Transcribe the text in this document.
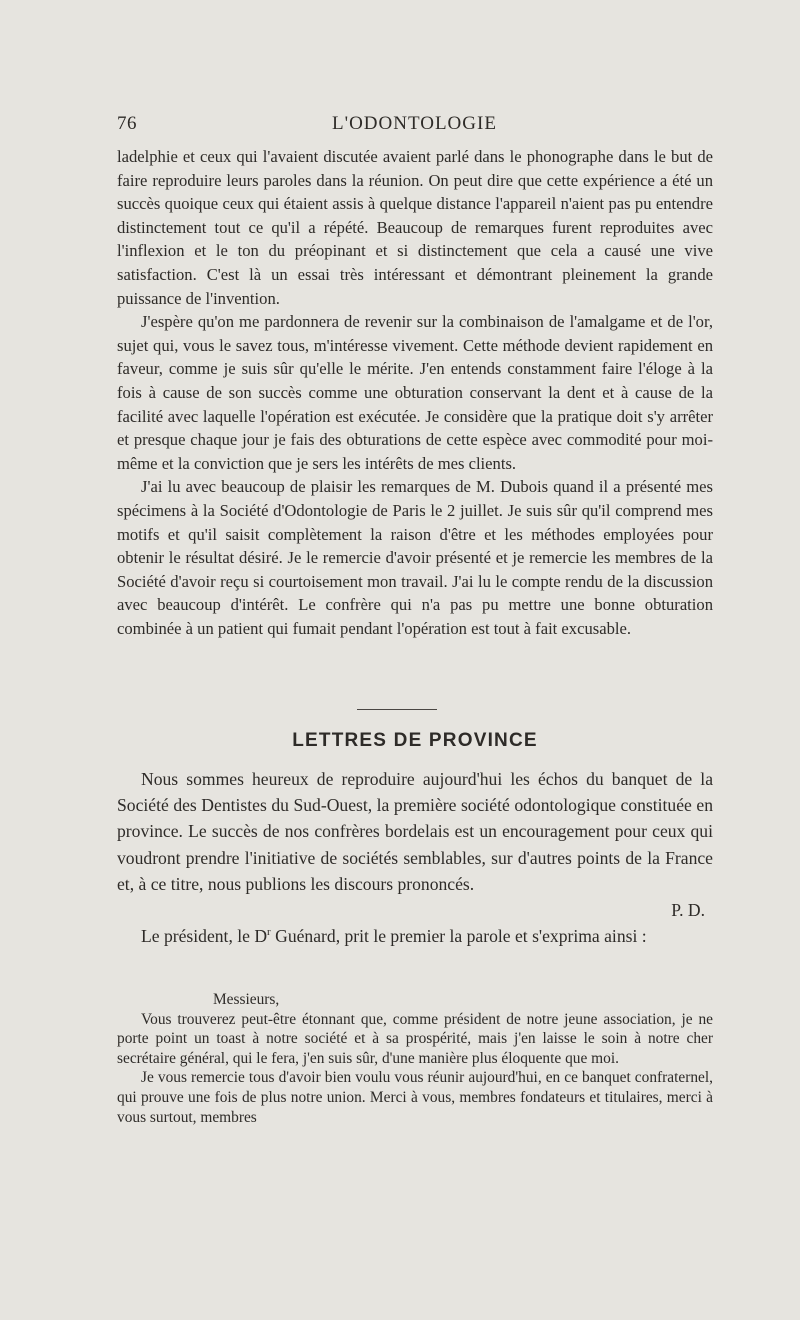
76	L'ODONTOLOGIE

ladelphie et ceux qui l'avaient discutée avaient parlé dans le phonographe dans le but de faire reproduire leurs paroles dans la réunion. On peut dire que cette expérience a été un succès quoique ceux qui étaient assis à quelque distance l'appareil n'aient pas pu entendre distinctement tout ce qu'il a répété. Beaucoup de remarques furent reproduites avec l'inflexion et le ton du préopinant et si distinctement que cela a causé une vive satisfaction. C'est là un essai très intéressant et démontrant pleinement la grande puissance de l'invention.

J'espère qu'on me pardonnera de revenir sur la combinaison de l'amalgame et de l'or, sujet qui, vous le savez tous, m'intéresse vivement. Cette méthode devient rapidement en faveur, comme je suis sûr qu'elle le mérite. J'en entends constamment faire l'éloge à la fois à cause de son succès comme une obturation conservant la dent et à cause de la facilité avec laquelle l'opération est exécutée. Je considère que la pratique doit s'y arrêter et presque chaque jour je fais des obturations de cette espèce avec commodité pour moi-même et la conviction que je sers les intérêts de mes clients.

J'ai lu avec beaucoup de plaisir les remarques de M. Dubois quand il a présenté mes spécimens à la Société d'Odontologie de Paris le 2 juillet. Je suis sûr qu'il comprend mes motifs et qu'il saisit complètement la raison d'être et les méthodes employées pour obtenir le résultat désiré. Je le remercie d'avoir présenté et je remercie les membres de la Société d'avoir reçu si courtoisement mon travail. J'ai lu le compte rendu de la discussion avec beaucoup d'intérêt. Le confrère qui n'a pas pu mettre une bonne obturation combinée à un patient qui fumait pendant l'opération est tout à fait excusable.

LETTRES DE PROVINCE

Nous sommes heureux de reproduire aujourd'hui les échos du banquet de la Société des Dentistes du Sud-Ouest, la première société odontologique constituée en province. Le succès de nos confrères bordelais est un encouragement pour ceux qui voudront prendre l'initiative de sociétés semblables, sur d'autres points de la France et, à ce titre, nous publions les discours prononcés.

P. D.

Le président, le $D^r$ Guénard, prit le premier la parole et s'exprima ainsi :

Messieurs,

Vous trouverez peut-être étonnant que, comme président de notre jeune association, je ne porte point un toast à notre société et à sa prospérité, mais j'en laisse le soin à notre cher secrétaire général, qui le fera, j'en suis sûr, d'une manière plus éloquente que moi.

Je vous remercie tous d'avoir bien voulu vous réunir aujourd'hui, en ce banquet confraternel, qui prouve une fois de plus notre union. Merci à vous, membres fondateurs et titulaires, merci à vous surtout, membres
